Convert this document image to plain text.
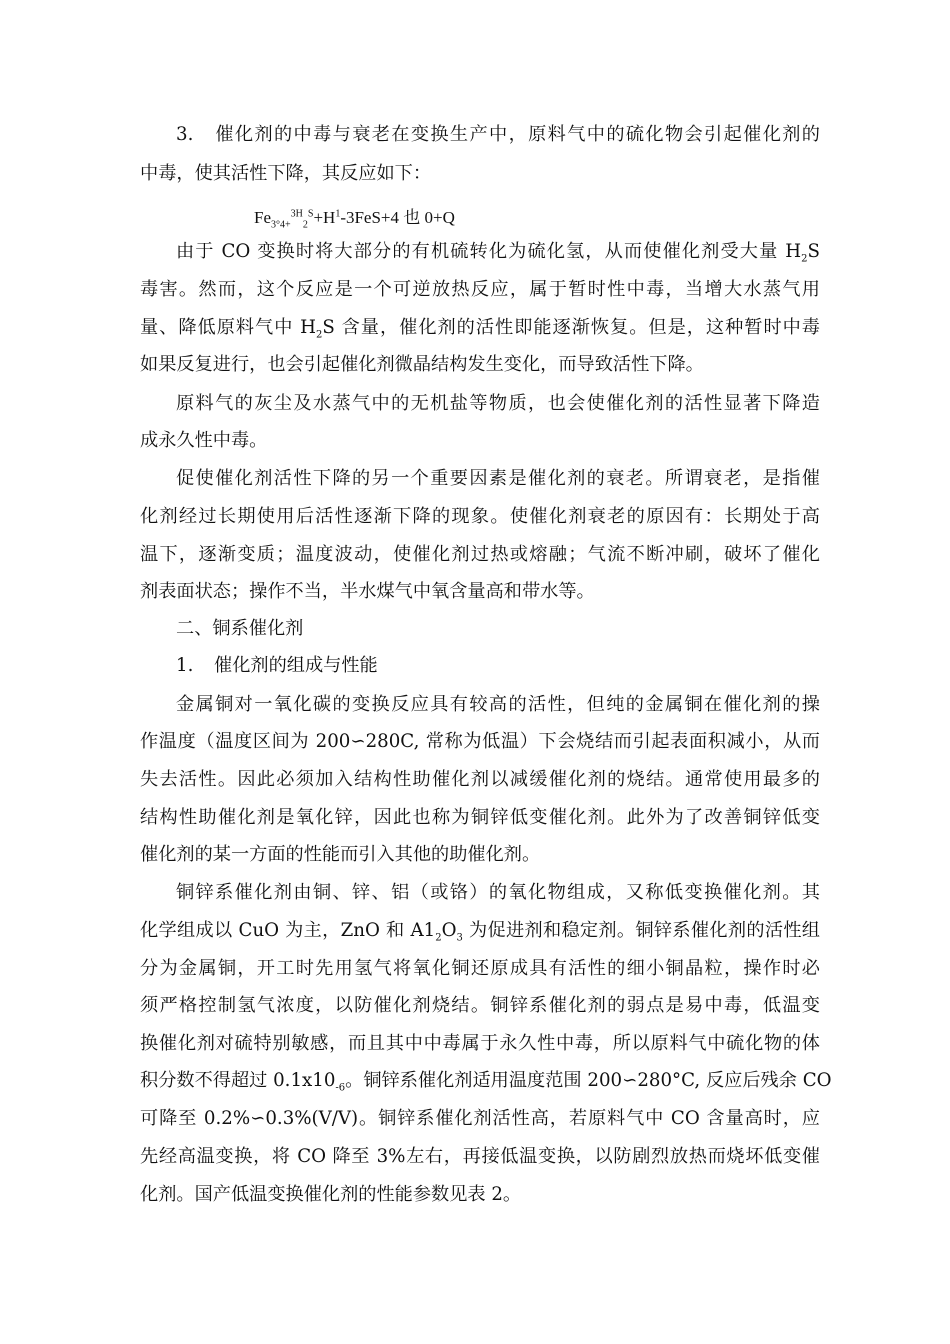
3. 催化剂的中毒与衰老在变换生产中，原料气中的硫化物会引起催化剂的
中毒，使其活性下降，其反应如下：
$Fe_{3^\circ 4+}^{3H}_2^S+H^1-3FeS+4$ 也 0+Q
由于 CO 变换时将大部分的有机硫转化为硫化氢，从而使催化剂受大量 $H_2S$
毒害。然而，这个反应是一个可逆放热反应，属于暂时性中毒，当增大水蒸气用
量、降低原料气中 $H_2S$ 含量，催化剂的活性即能逐渐恢复。但是，这种暂时中毒
如果反复进行，也会引起催化剂微晶结构发生变化，而导致活性下降。
原料气的灰尘及水蒸气中的无机盐等物质，也会使催化剂的活性显著下降造
成永久性中毒。
促使催化剂活性下降的另一个重要因素是催化剂的衰老。所谓衰老，是指催
化剂经过长期使用后活性逐渐下降的现象。使催化剂衰老的原因有：长期处于高
温下，逐渐变质；温度波动，使催化剂过热或熔融；气流不断冲刷，破坏了催化
剂表面状态；操作不当，半水煤气中氧含量高和带水等。
二、铜系催化剂
1. 催化剂的组成与性能
金属铜对一氧化碳的变换反应具有较高的活性，但纯的金属铜在催化剂的操
作温度（温度区间为 200∽280C, 常称为低温）下会烧结而引起表面积减小，从而
失去活性。因此必须加入结构性助催化剂以减缓催化剂的烧结。通常使用最多的
结构性助催化剂是氧化锌，因此也称为铜锌低变催化剂。此外为了改善铜锌低变
催化剂的某一方面的性能而引入其他的助催化剂。
铜锌系催化剂由铜、锌、铝（或铬）的氧化物组成，又称低变换催化剂。其
化学组成以 CuO 为主，ZnO 和 $A1_2O_3$ 为促进剂和稳定剂。铜锌系催化剂的活性组
分为金属铜，开工时先用氢气将氧化铜还原成具有活性的细小铜晶粒，操作时必
须严格控制氢气浓度，以防催化剂烧结。铜锌系催化剂的弱点是易中毒，低温变
换催化剂对硫特别敏感，而且其中中毒属于永久性中毒，所以原料气中硫化物的体
积分数不得超过 $0.1x10_{-6}$。铜锌系催化剂适用温度范围 200∽280°C, 反应后残余 CO
可降至 0.2%∽0.3%(V/V)。铜锌系催化剂活性高，若原料气中 CO 含量高时，应
先经高温变换，将 CO 降至 3%左右，再接低温变换，以防剧烈放热而烧坏低变催
化剂。国产低温变换催化剂的性能参数见表 2。
